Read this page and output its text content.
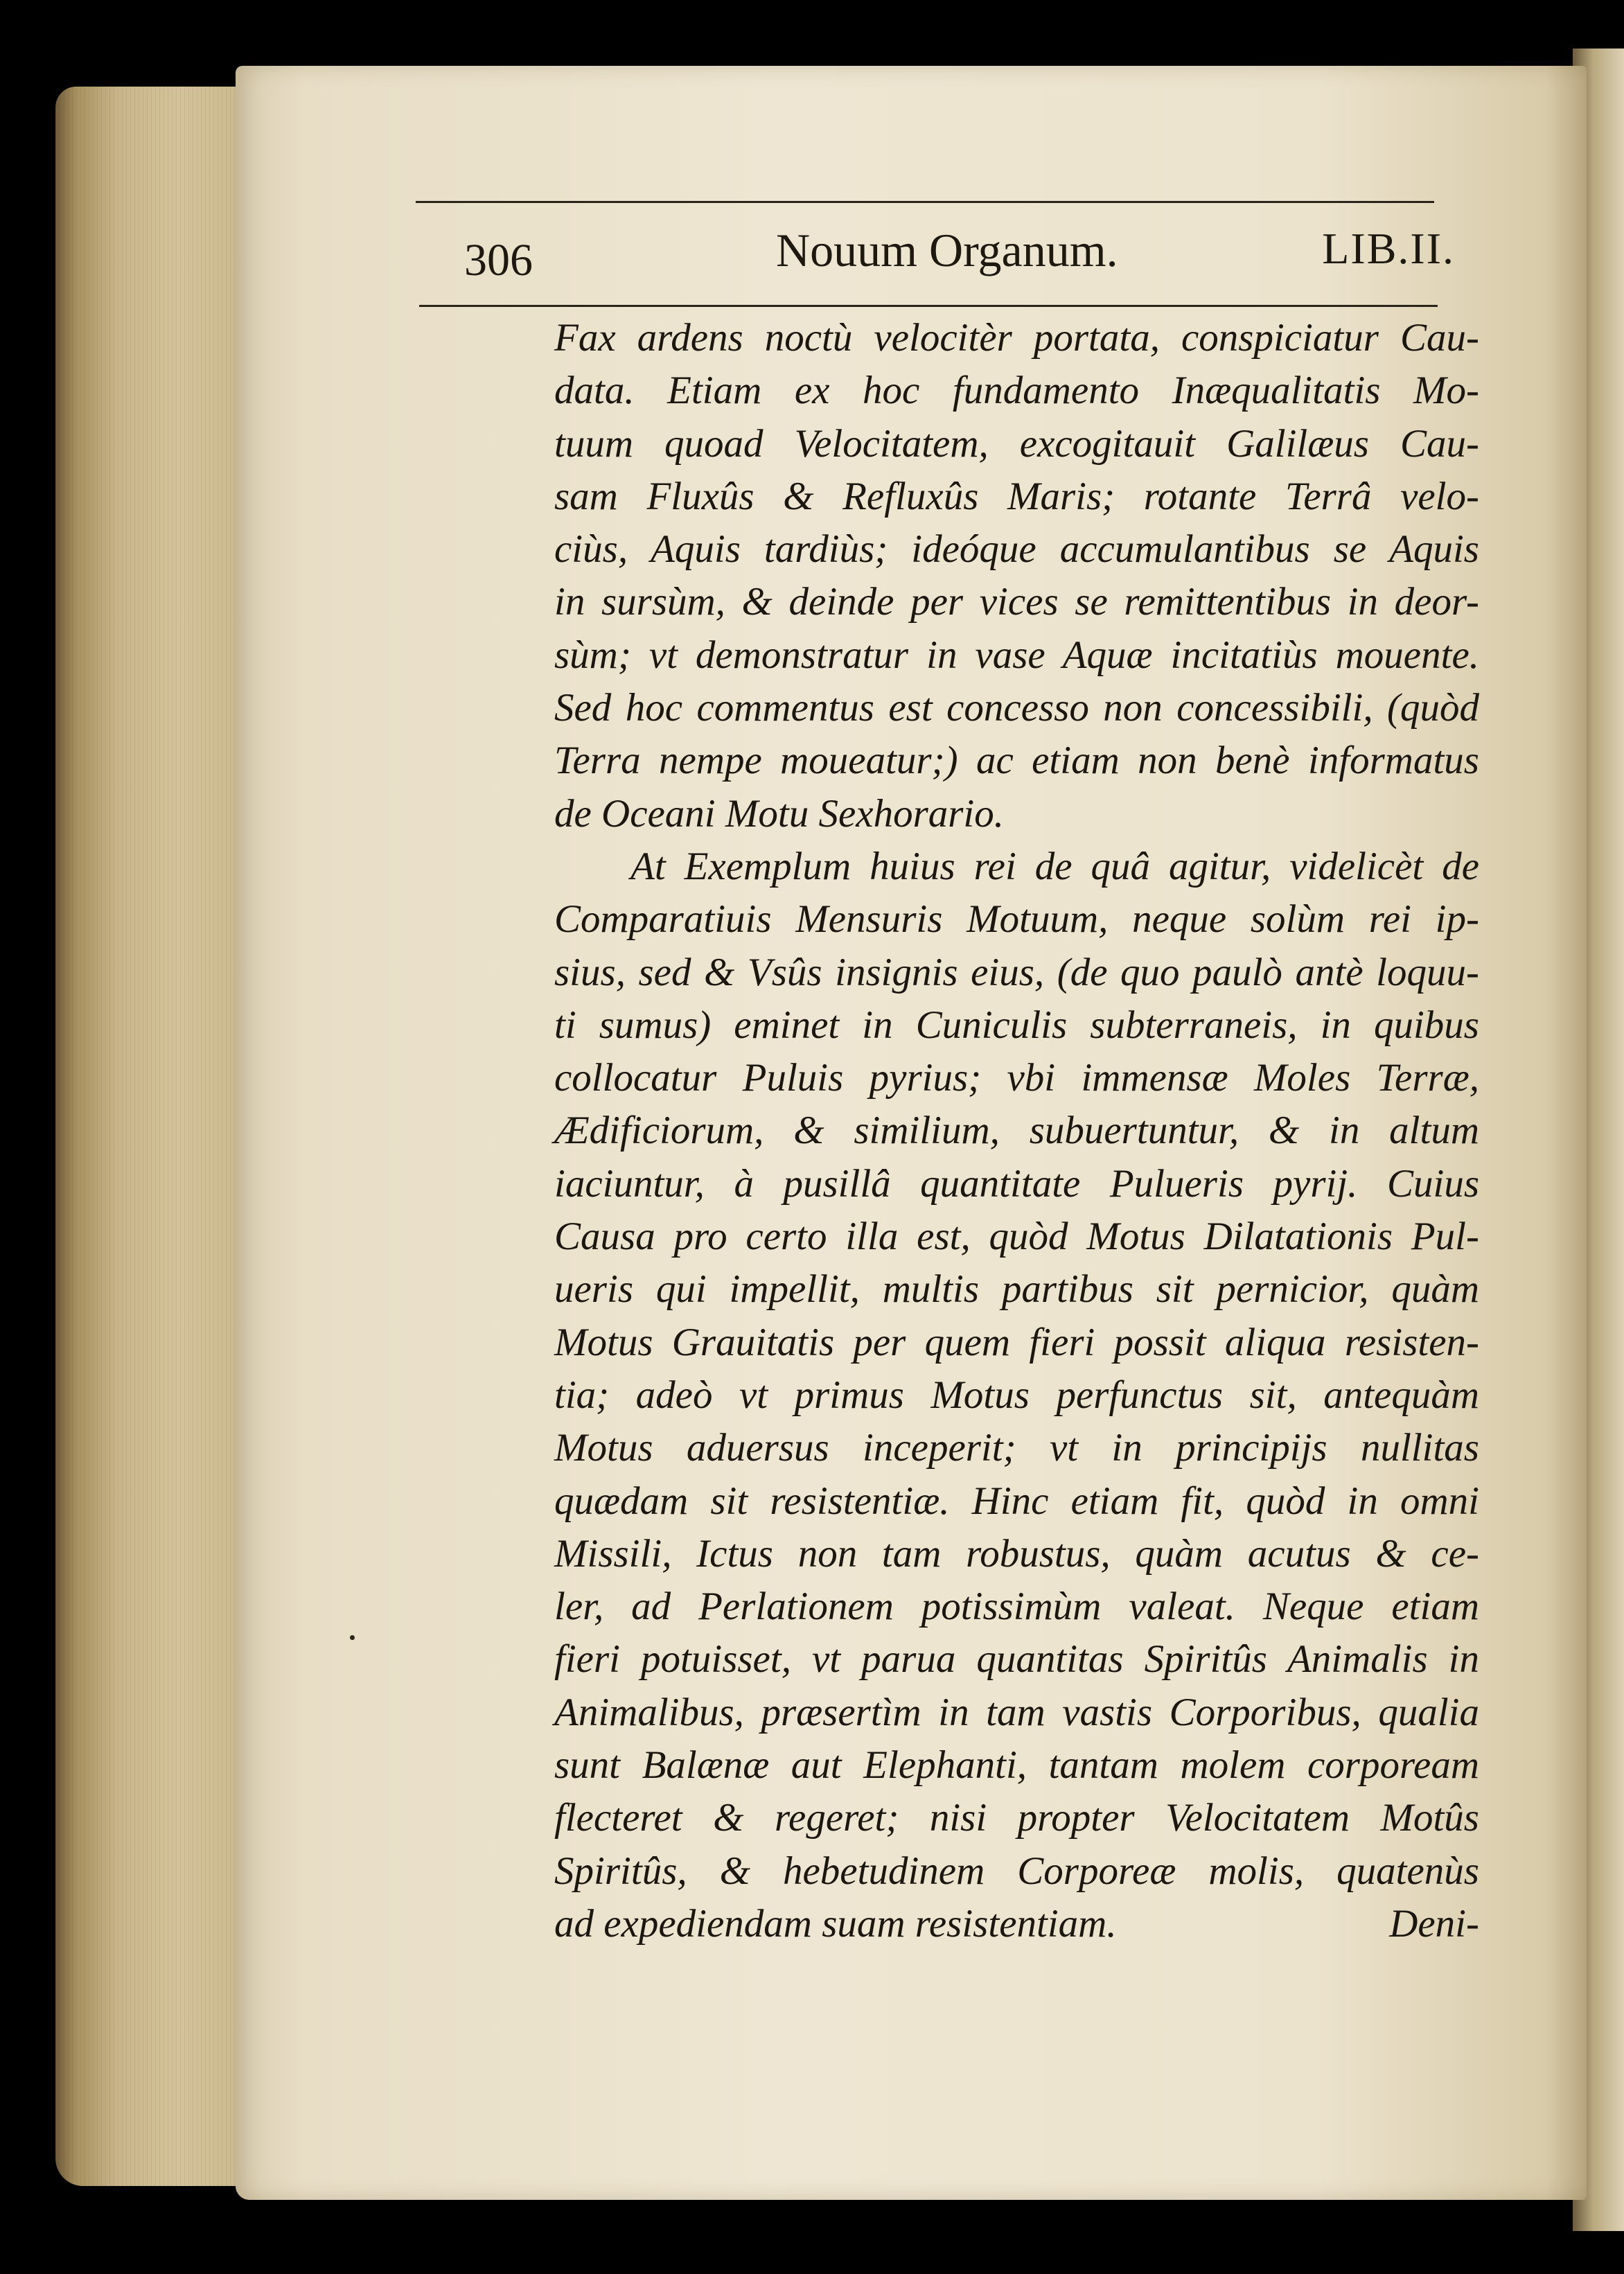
306	Nouum Organum.	LIB.II.
Fax ardens noctù velocitèr portata, conspiciatur Cau-
data. Etiam ex hoc fundamento Inæqualitatis Mo-
tuum quoad Velocitatem, excogitauit Galilæus Cau-
sam Fluxûs & Refluxûs Maris; rotante Terrâ velo-
ciùs, Aquis tardiùs; ideóque accumulantibus se Aquis
in sursùm, & deinde per vices se remittentibus in deor-
sùm; vt demonstratur in vase Aquæ incitatiùs mouente.
Sed hoc commentus est concesso non concessibili, (quòd
Terra nempe moueatur;) ac etiam non benè informatus
de Oceani Motu Sexhorario.
At Exemplum huius rei de quâ agitur, videlicèt de
Comparatiuis Mensuris Motuum, neque solùm rei ip-
sius, sed & Vsûs insignis eius, (de quo paulò antè loquu-
ti sumus) eminet in Cuniculis subterraneis, in quibus
collocatur Puluis pyrius; vbi immensæ Moles Terræ,
Ædificiorum, & similium, subuertuntur, & in altum
iaciuntur, à pusillâ quantitate Pulueris pyrij. Cuius
Causa pro certo illa est, quòd Motus Dilatationis Pul-
ueris qui impellit, multis partibus sit pernicior, quàm
Motus Grauitatis per quem fieri possit aliqua resisten-
tia; adeò vt primus Motus perfunctus sit, antequàm
Motus aduersus inceperit; vt in principijs nullitas
quædam sit resistentiæ. Hinc etiam fit, quòd in omni
Missili, Ictus non tam robustus, quàm acutus & ce-
ler, ad Perlationem potissimùm valeat. Neque etiam
fieri potuisset, vt parua quantitas Spiritûs Animalis in
Animalibus, præsertìm in tam vastis Corporibus, qualia
sunt Balænæ aut Elephanti, tantam molem corpoream
flecteret & regeret; nisi propter Velocitatem Motûs
Spiritûs, & hebetudinem Corporeæ molis, quatenùs
ad expediendam suam resistentiam.	Deni-
